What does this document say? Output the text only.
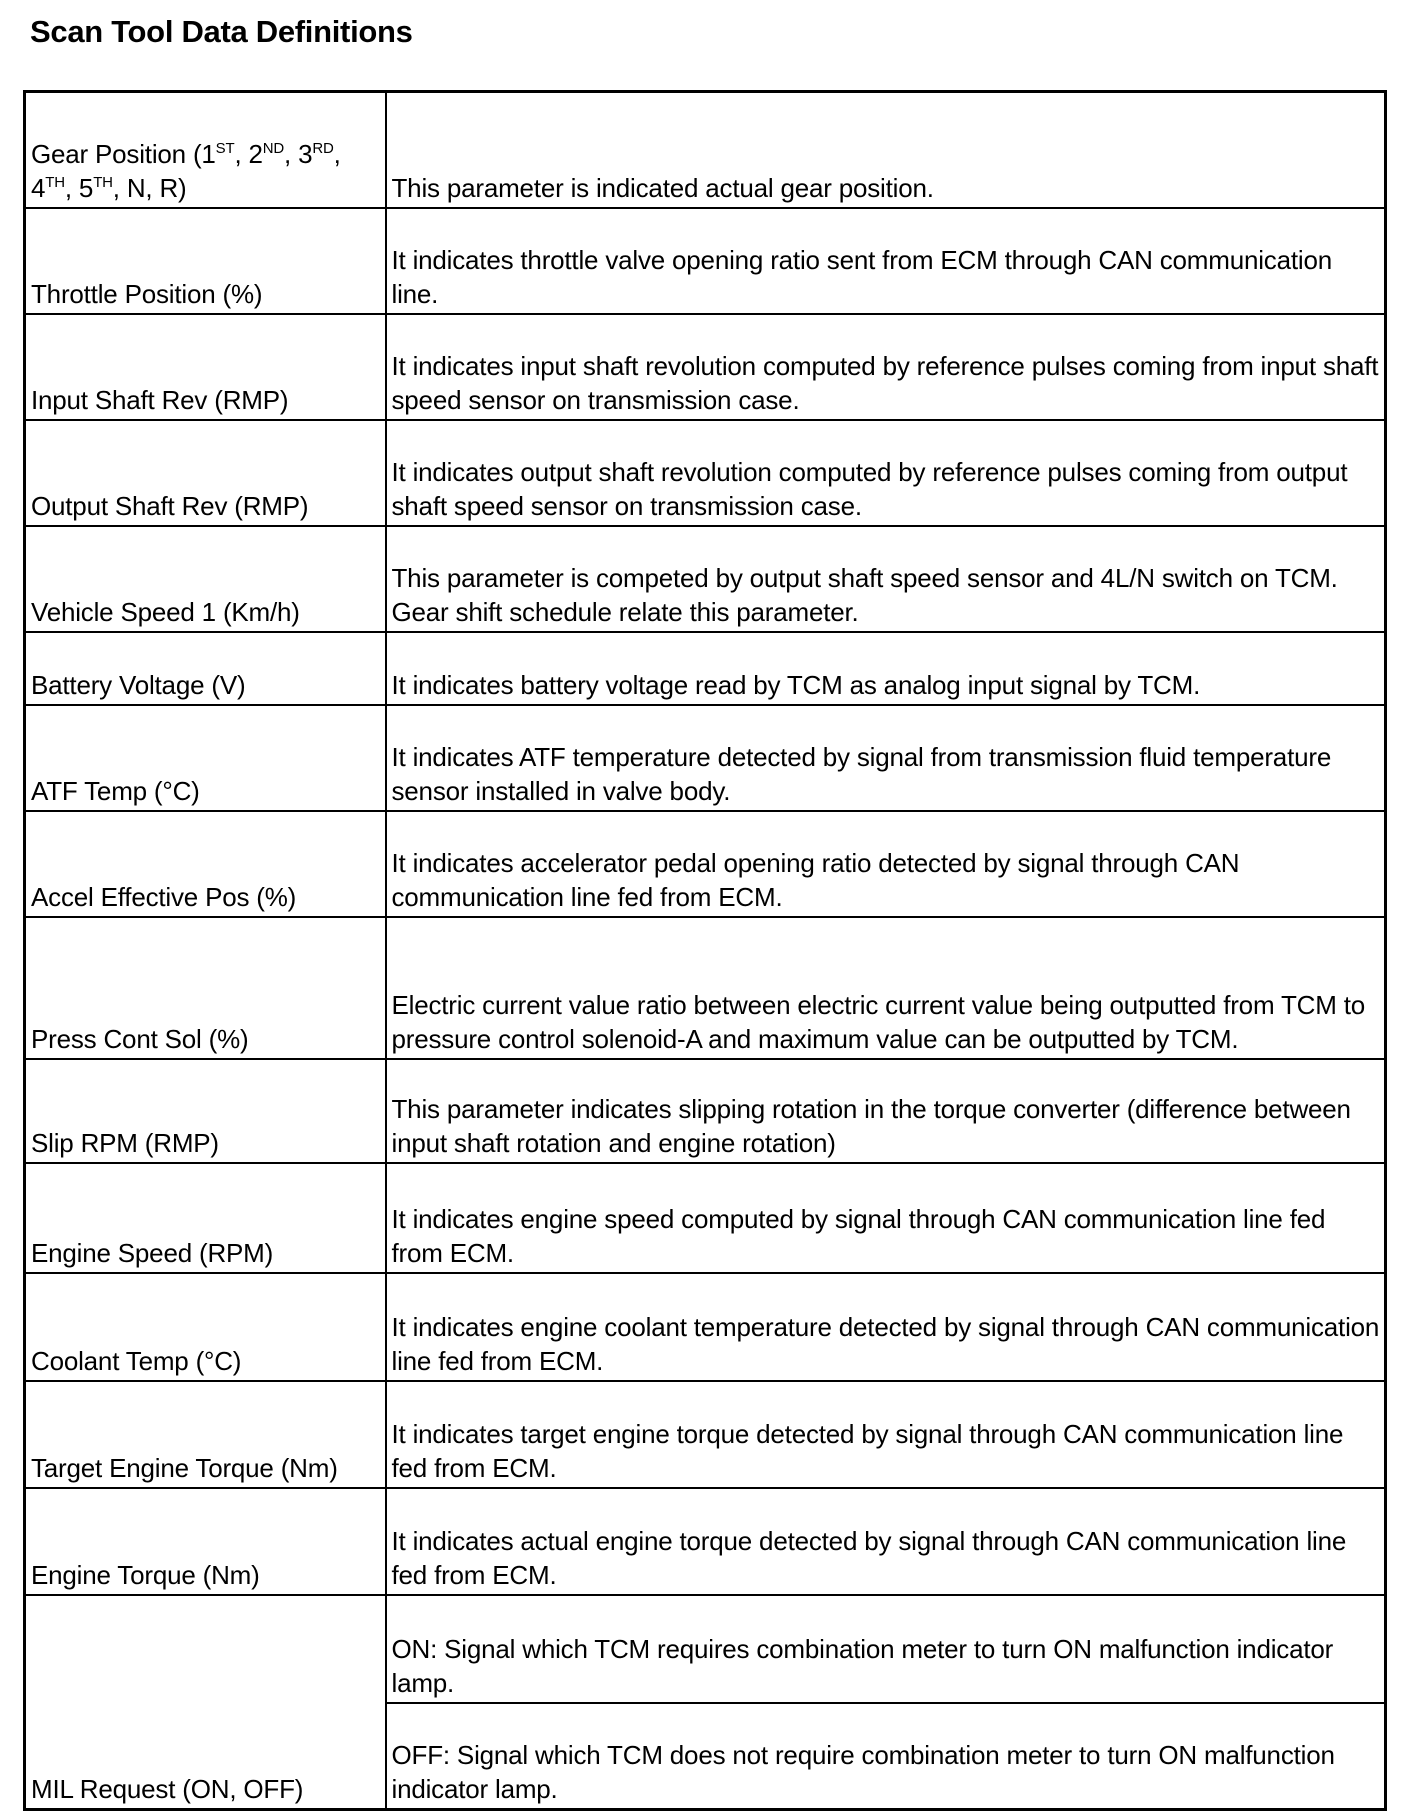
Scan Tool Data Definitions
Gear Position (1ST, 2ND, 3RD,
4TH, 5TH, N, R)	This parameter is indicated actual gear position.
Throttle Position (%)	It indicates throttle valve opening ratio sent from ECM through CAN communication line.
Input Shaft Rev (RMP)	It indicates input shaft revolution computed by reference pulses coming from input shaft speed sensor on transmission case.
Output Shaft Rev (RMP)	It indicates output shaft revolution computed by reference pulses coming from output shaft speed sensor on transmission case.
Vehicle Speed 1 (Km/h)	This parameter is competed by output shaft speed sensor and 4L/N switch on TCM. Gear shift schedule relate this parameter.
Battery Voltage (V)	It indicates battery voltage read by TCM as analog input signal by TCM.
ATF Temp (°C)	It indicates ATF temperature detected by signal from transmission fluid temperature sensor installed in valve body.
Accel Effective Pos (%)	It indicates accelerator pedal opening ratio detected by signal through CAN communication line fed from ECM.
Press Cont Sol (%)	Electric current value ratio between electric current value being outputted from TCM to pressure control solenoid-A and maximum value can be outputted by TCM.
Slip RPM (RMP)	This parameter indicates slipping rotation in the torque converter (difference between input shaft rotation and engine rotation)
Engine Speed (RPM)	It indicates engine speed computed by signal through CAN communication line fed from ECM.
Coolant Temp (°C)	It indicates engine coolant temperature detected by signal through CAN communication line fed from ECM.
Target Engine Torque (Nm)	It indicates target engine torque detected by signal through CAN communication line fed from ECM.
Engine Torque (Nm)	It indicates actual engine torque detected by signal through CAN communication line fed from ECM.
MIL Request (ON, OFF)	ON: Signal which TCM requires combination meter to turn ON malfunction indicator lamp.
	OFF: Signal which TCM does not require combination meter to turn ON malfunction indicator lamp.
